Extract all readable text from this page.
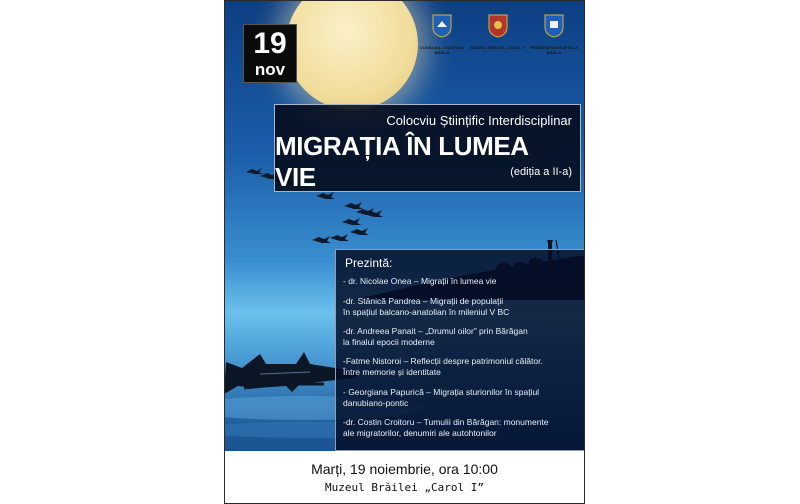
19
nov
CONSILIUL JUDEȚEAN BRĂILA
MUZEUL BRĂILEI „CAROL I”	PRIMĂRIA MUNICIPIULUI BRĂILA
Colocviu Științific Interdisciplinar
MIGRAȚIA ÎN LUMEA VIE	(ediția a II-a)
Prezintă:
- dr. Nicolae Onea – Migrații în lumea vie
-dr. Stănică Pandrea – Migrații de populații
în spațiul balcano-anatolian în mileniul V BC
-dr. Andreea Panait – „Drumul oilor” prin Bărăgan
la finalul epocii moderne
-Fatme Nistoroi – Reflecții despre patrimoniul călător.
Între memorie și identitate
- Georgiana Papurică – Migrația sturionilor în spațiul
danubiano-pontic
-dr. Costin Croitoru – Tumulii din Bărăgan: monumente
ale migratorilor, denumiri ale autohtonilor
Marți, 19 noiembrie, ora 10:00
Muzeul Brăilei „Carol I”
